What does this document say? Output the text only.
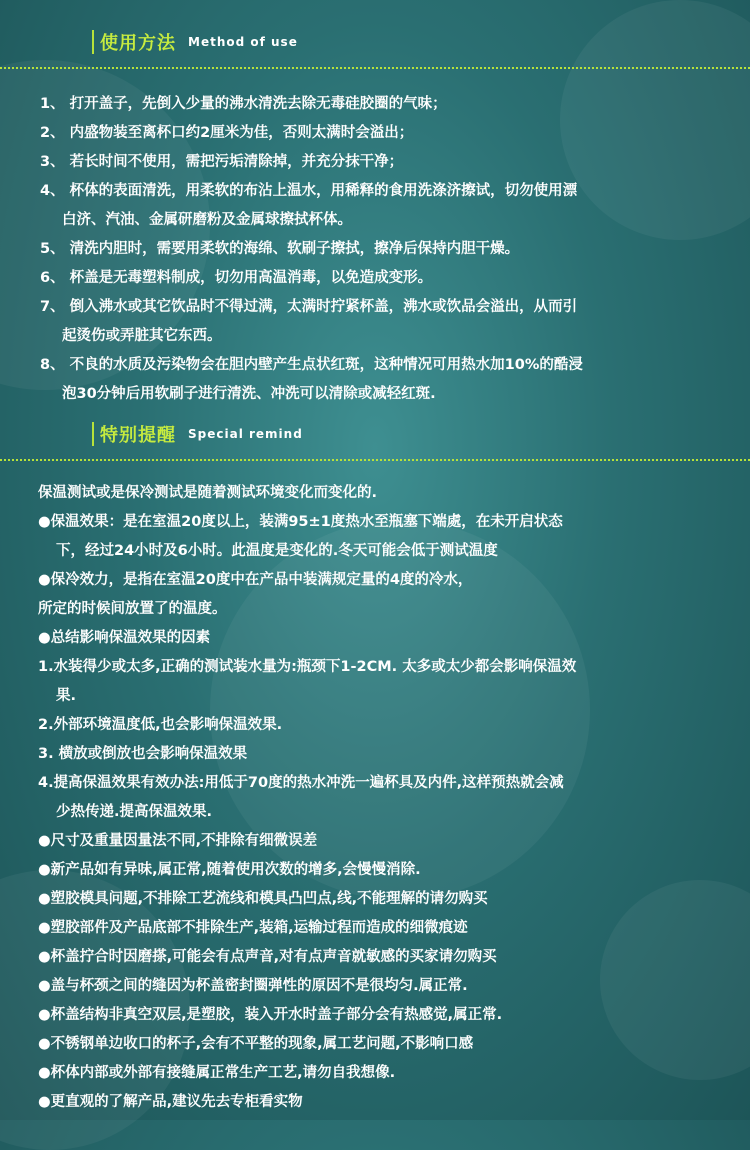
使用方法 Method of use
1、 打开盖子，先倒入少量的沸水清洗去除无毒硅胶圈的气味；
2、 内盛物装至离杯口约2厘米为佳，否则太满时会溢出；
3、 若长时间不使用，需把污垢清除掉，并充分抹干净；
4、 杯体的表面清洗，用柔软的布沾上温水，用稀释的食用洗涤济擦试，切勿使用漂
白济、汽油、金属研磨粉及金属球擦拭杯体。
5、 清洗内胆时，需要用柔软的海绵、软刷子擦拭，擦净后保持内胆干燥。
6、 杯盖是无毒塑料制成，切勿用高温消毒，以免造成变形。
7、 倒入沸水或其它饮品时不得过满，太满时拧紧杯盖，沸水或饮品会溢出，从而引
起烫伤或弄脏其它东西。
8、 不良的水质及污染物会在胆内壁产生点状红斑，这种情况可用热水加10%的酷浸
泡30分钟后用软刷子进行清洗、冲洗可以清除或减轻红斑.
特别提醒 Special remind
保温测试或是保冷测试是随着测试环境变化而变化的.
●保温效果：是在室温20度以上，装满95±1度热水至瓶塞下端處，在未开启状态
下，经过24小时及6小时。此温度是变化的.冬天可能会低于测试温度
●保冷效力，是指在室温20度中在产品中装满规定量的4度的冷水，
所定的时候间放置了的温度。
●总结影响保温效果的因素
1.水装得少或太多,正确的测试装水量为:瓶颈下1-2CM. 太多或太少都会影响保温效
果.
2.外部环境温度低,也会影响保温效果.
3. 横放或倒放也会影响保温效果
4.提高保温效果有效办法:用低于70度的热水冲洗一遍杯具及内件,这样预热就会减
少热传递.提高保温效果.
●尺寸及重量因量法不同,不排除有细微误差
●新产品如有异味,属正常,随着使用次数的增多,会慢慢消除.
●塑胶模具问题,不排除工艺流线和模具凸凹点,线,不能理解的请勿购买
●塑胶部件及产品底部不排除生产,装箱,运输过程而造成的细微痕迹
●杯盖拧合时因磨搽,可能会有点声音,对有点声音就敏感的买家请勿购买
●盖与杯颈之间的缝因为杯盖密封圈弹性的原因不是很均匀.属正常.
●杯盖结构非真空双层,是塑胶，装入开水时盖子部分会有热感觉,属正常.
●不锈钢单边收口的杯子,会有不平整的现象,属工艺问题,不影响口感
●杯体内部或外部有接缝属正常生产工艺,请勿自我想像.
●更直观的了解产品,建议先去专柜看实物
